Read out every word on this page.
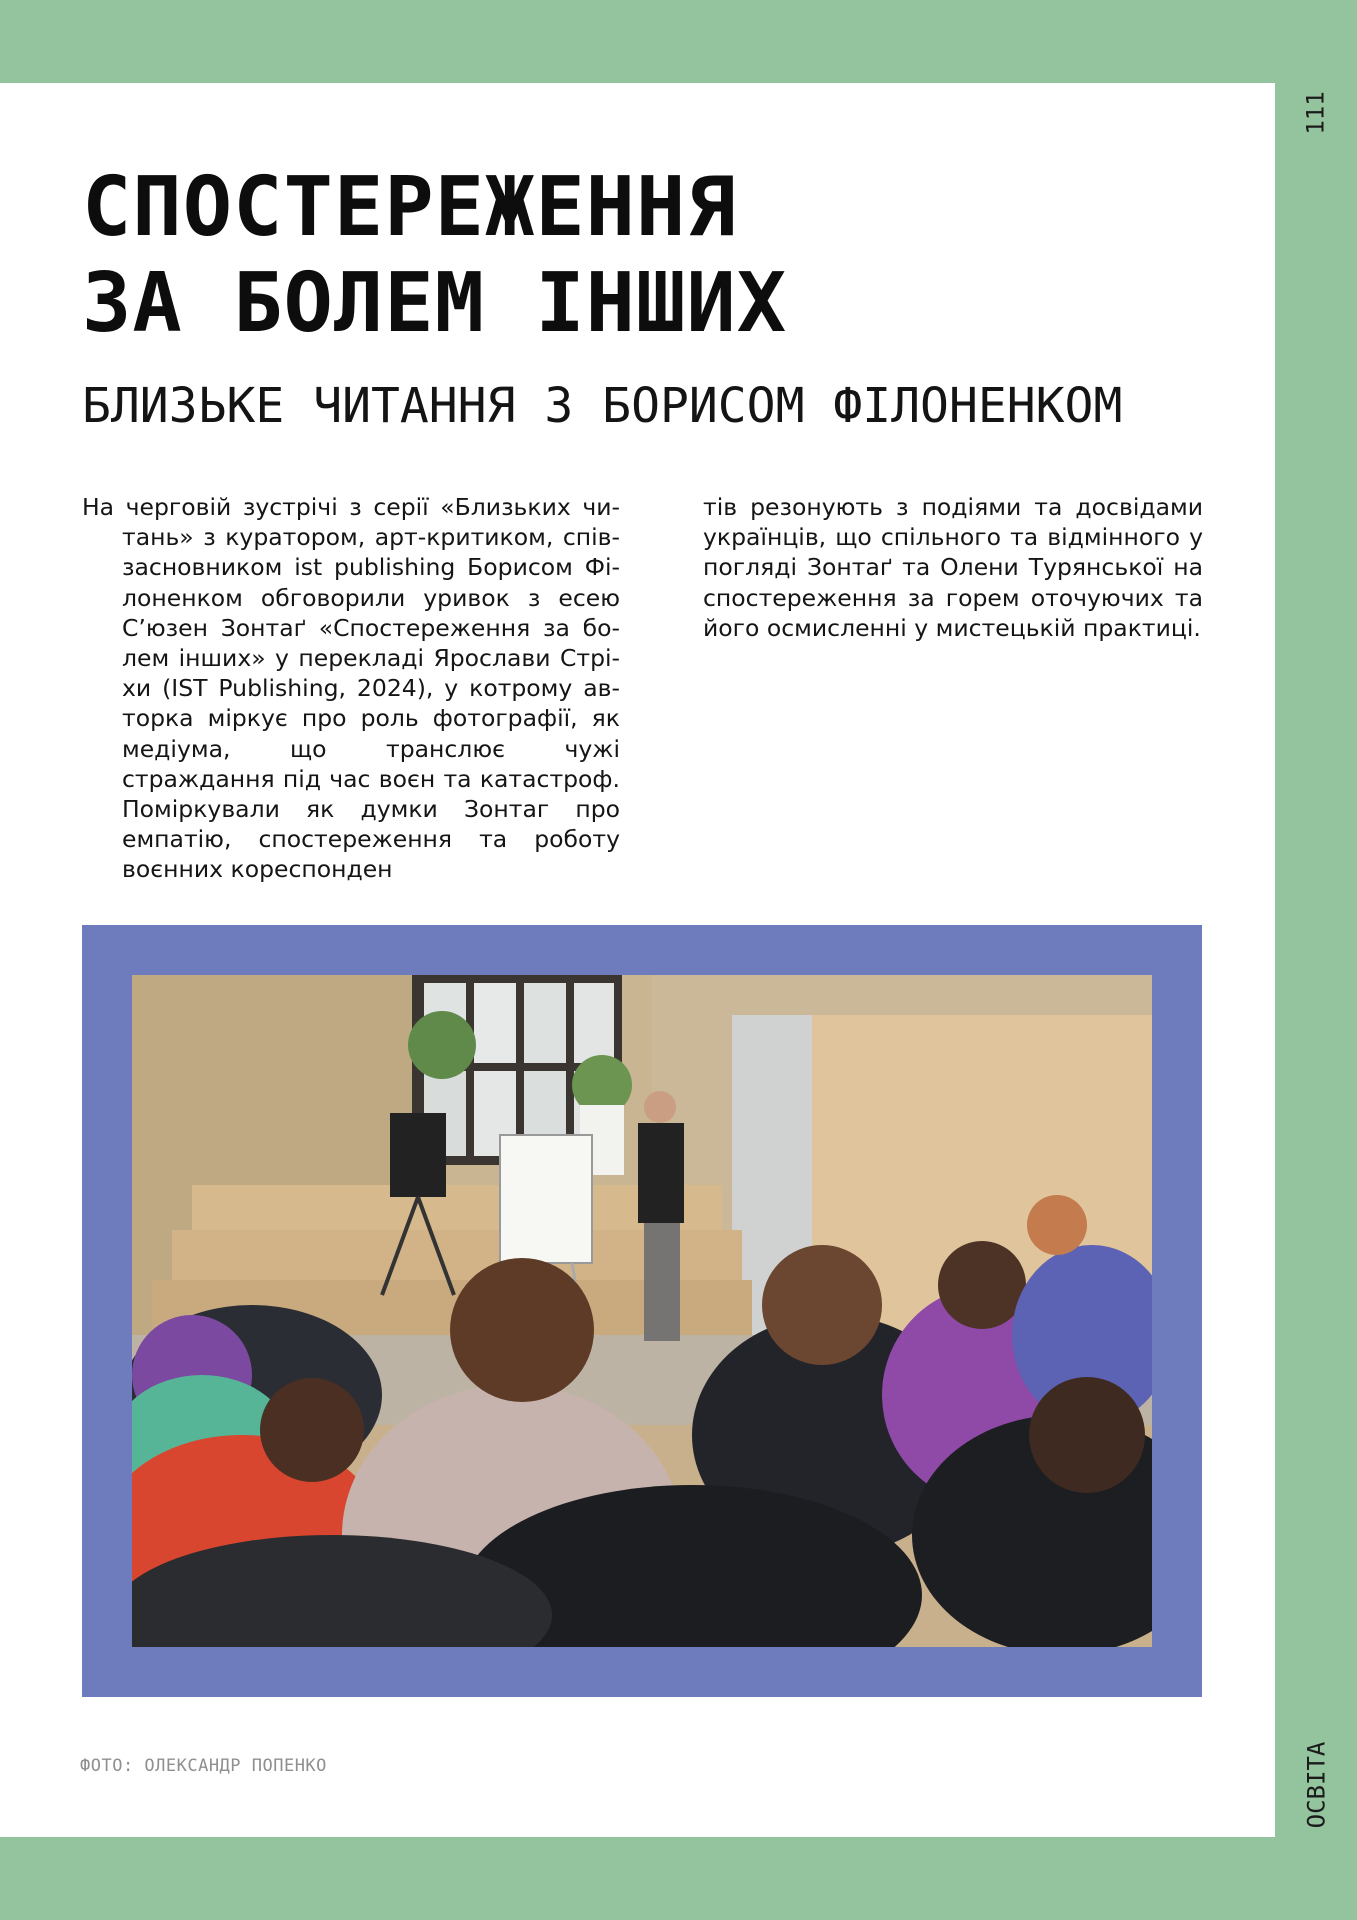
111
ОСВІТА
СПОСТЕРЕЖЕННЯ
ЗА БОЛЕМ ІНШИХ
БЛИЗЬКЕ ЧИТАННЯ З БОРИСОМ ФІЛОНЕНКОМ

На черговій зустрічі з серії «Близьких читань» з куратором, арт-критиком, співзасновником ist publishing Борисом Філоненком обговорили уривок з есею С’юзен Зонтаґ «Спостереження за болем інших» у перекладі Ярослави Стріхи (IST Publishing, 2024), у котрому авторка міркує про роль фотографії, як медіума, що транслює чужі страждання під час воєн та катастроф. Поміркували як думки Зонтаг про емпатію, спостереження та роботу воєнних кореспонден

тів резонують з подіями та досвідами українців, що спільного та відмінного у погляді Зонтаґ та Олени Турянської на спостереження за горем оточуючих та його осмисленні у мистецькій практиці.

ФОТО: ОЛЕКСАНДР ПОПЕНКО
